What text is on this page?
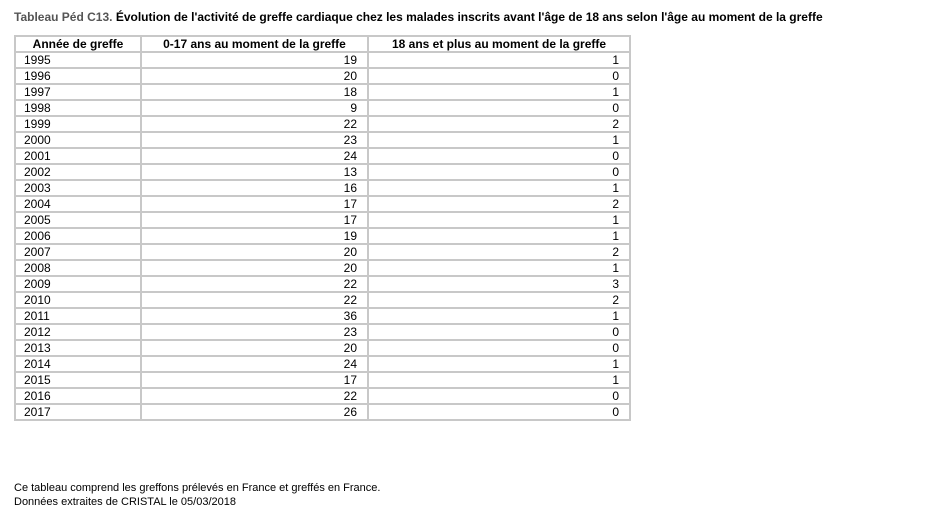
Tableau Péd C13. Évolution de l'activité de greffe cardiaque chez les malades inscrits avant l'âge de 18 ans selon l'âge au moment de la greffe
Année de greffe	0-17 ans au moment de la greffe	18 ans et plus au moment de la greffe
1995	19	1
1996	20	0
1997	18	1
1998	9	0
1999	22	2
2000	23	1
2001	24	0
2002	13	0
2003	16	1
2004	17	2
2005	17	1
2006	19	1
2007	20	2
2008	20	1
2009	22	3
2010	22	2
2011	36	1
2012	23	0
2013	20	0
2014	24	1
2015	17	1
2016	22	0
2017	26	0
Ce tableau comprend les greffons prélevés en France et greffés en France.
Données extraites de CRISTAL le 05/03/2018
